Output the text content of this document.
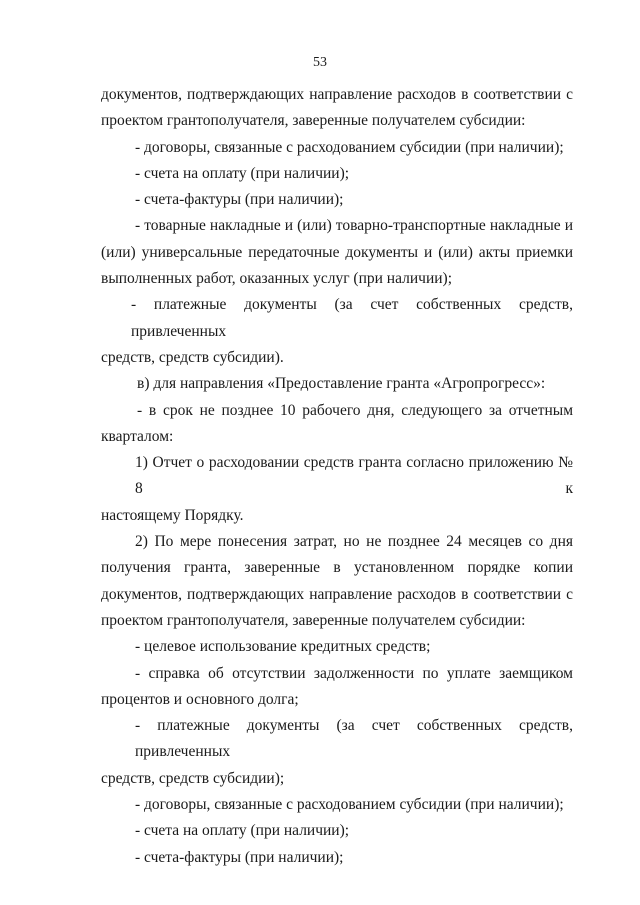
53

документов, подтверждающих направление расходов в соответствии с
проектом грантополучателя, заверенные получателем субсидии:

- договоры, связанные с расходованием субсидии (при наличии);

- счета на оплату (при наличии);

- счета-фактуры (при наличии);

- товарные накладные и (или) товарно-транспортные накладные и
(или) универсальные передаточные документы и (или) акты приемки
выполненных работ, оказанных услуг (при наличии);

- платежные документы (за счет собственных средств, привлеченных
средств, средств субсидии).

в) для направления «Предоставление гранта «Агропрогресс»:

- в срок не позднее 10 рабочего дня, следующего за отчетным
кварталом:

1) Отчет о расходовании средств гранта согласно приложению № 8 к
настоящему Порядку.

2) По мере понесения затрат, но не позднее 24 месяцев со дня
получения гранта, заверенные в установленном порядке копии
документов, подтверждающих направление расходов в соответствии с
проектом грантополучателя, заверенные получателем субсидии:

- целевое использование кредитных средств;

- справка об отсутствии задолженности по уплате заемщиком
процентов и основного долга;

- платежные документы (за счет собственных средств, привлеченных
средств, средств субсидии);

- договоры, связанные с расходованием субсидии (при наличии);

- счета на оплату (при наличии);

- счета-фактуры (при наличии);
